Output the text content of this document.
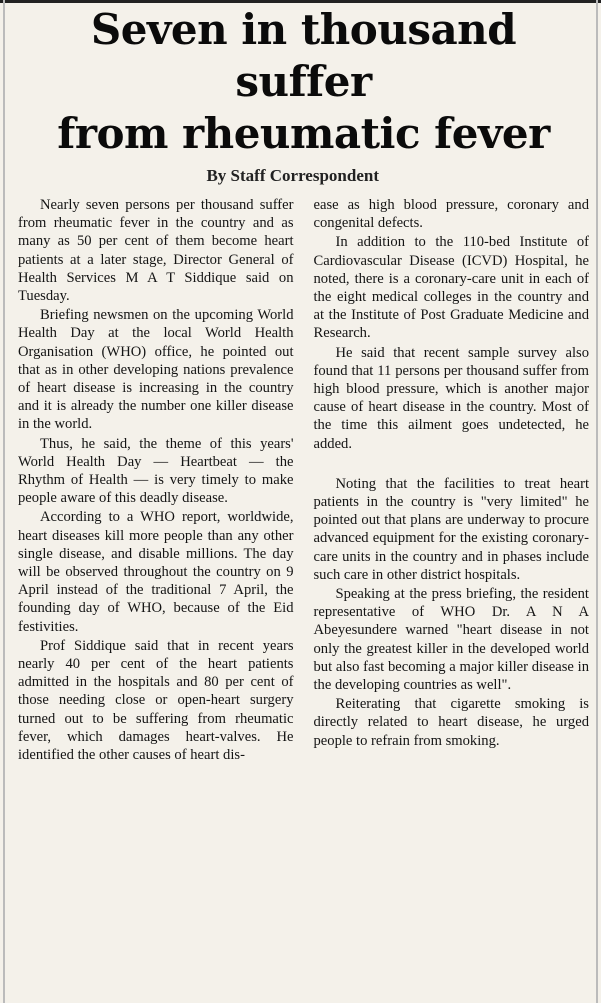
Seven in thousand suffer
from rheumatic fever
By Staff Correspondent

Nearly seven persons per thousand suffer from rheumatic fever in the country and as many as 50 per cent of them become heart patients at a later stage, Director General of Health Services M A T Siddique said on Tuesday.

Briefing newsmen on the upcoming World Health Day at the local World Health Organisation (WHO) office, he pointed out that as in other developing nations prevalence of heart disease is increasing in the country and it is already the number one killer disease in the world.

Thus, he said, the theme of this years' World Health Day — Heartbeat — the Rhythm of Health — is very timely to make people aware of this deadly disease.

According to a WHO report, worldwide, heart diseases kill more people than any other single disease, and disable millions. The day will be observed throughout the country on 9 April instead of the traditional 7 April, the founding day of WHO, because of the Eid festivities.

Prof Siddique said that in recent years nearly 40 per cent of the heart patients admitted in the hospitals and 80 per cent of those needing close or open-heart surgery turned out to be suffering from rheumatic fever, which damages heart-valves. He identified the other causes of heart dis-

ease as high blood pressure, coronary and congenital defects.

In addition to the 110-bed Institute of Cardiovascular Disease (ICVD) Hospital, he noted, there is a coronary-care unit in each of the eight medical colleges in the country and at the Institute of Post Graduate Medicine and Research.

He said that recent sample survey also found that 11 persons per thousand suffer from high blood pressure, which is another major cause of heart disease in the country. Most of the time this ailment goes undetected, he added.

Noting that the facilities to treat heart patients in the country is "very limited" he pointed out that plans are underway to procure advanced equipment for the existing coronary-care units in the country and in phases include such care in other district hospitals.

Speaking at the press briefing, the resident representative of WHO Dr. A N A Abeyesundere warned "heart disease in not only the greatest killer in the developed world but also fast becoming a major killer disease in the developing countries as well".

Reiterating that cigarette smoking is directly related to heart disease, he urged people to refrain from smoking.
